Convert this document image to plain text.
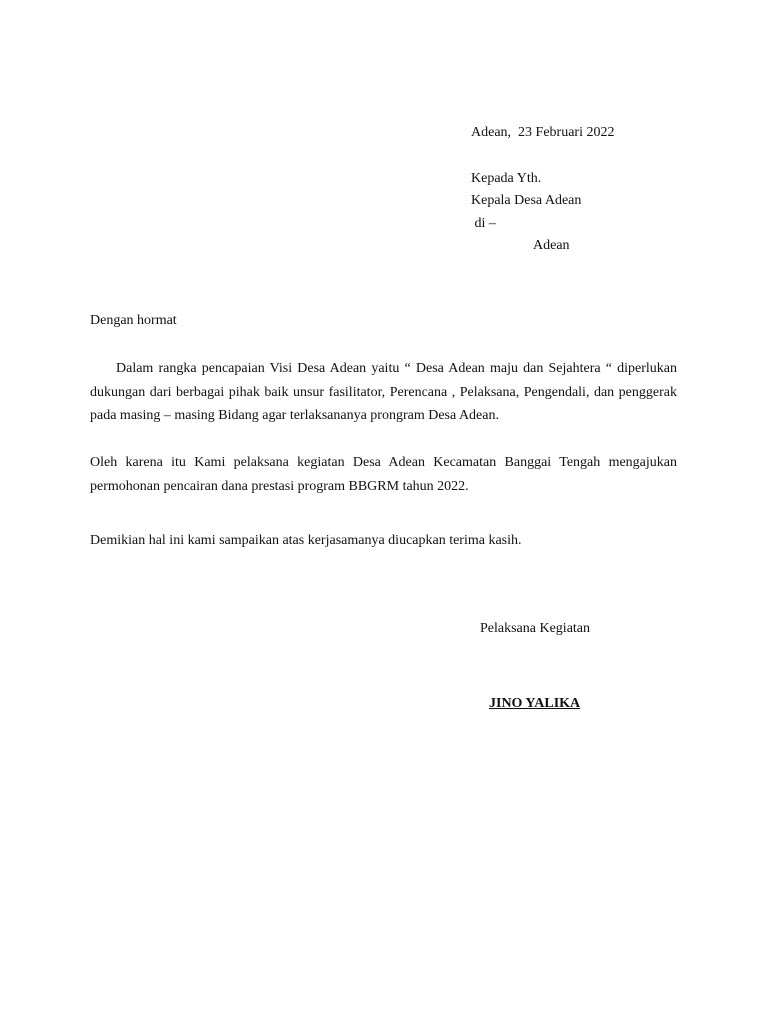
Adean,  23 Februari 2022
Kepada Yth.
Kepala Desa Adean
di –
Adean
Dengan hormat
Dalam rangka pencapaian Visi Desa Adean yaitu “ Desa Adean maju dan Sejahtera “ diperlukan dukungan dari berbagai pihak baik unsur fasilitator, Perencana , Pelaksana, Pengendali, dan penggerak pada masing – masing Bidang agar terlaksananya prongram Desa Adean.
Oleh karena itu Kami pelaksana kegiatan Desa Adean Kecamatan Banggai Tengah mengajukan permohonan pencairan dana prestasi program BBGRM tahun 2022.
Demikian hal ini kami sampaikan atas kerjasamanya diucapkan terima kasih.
Pelaksana Kegiatan
JINO YALIKA
